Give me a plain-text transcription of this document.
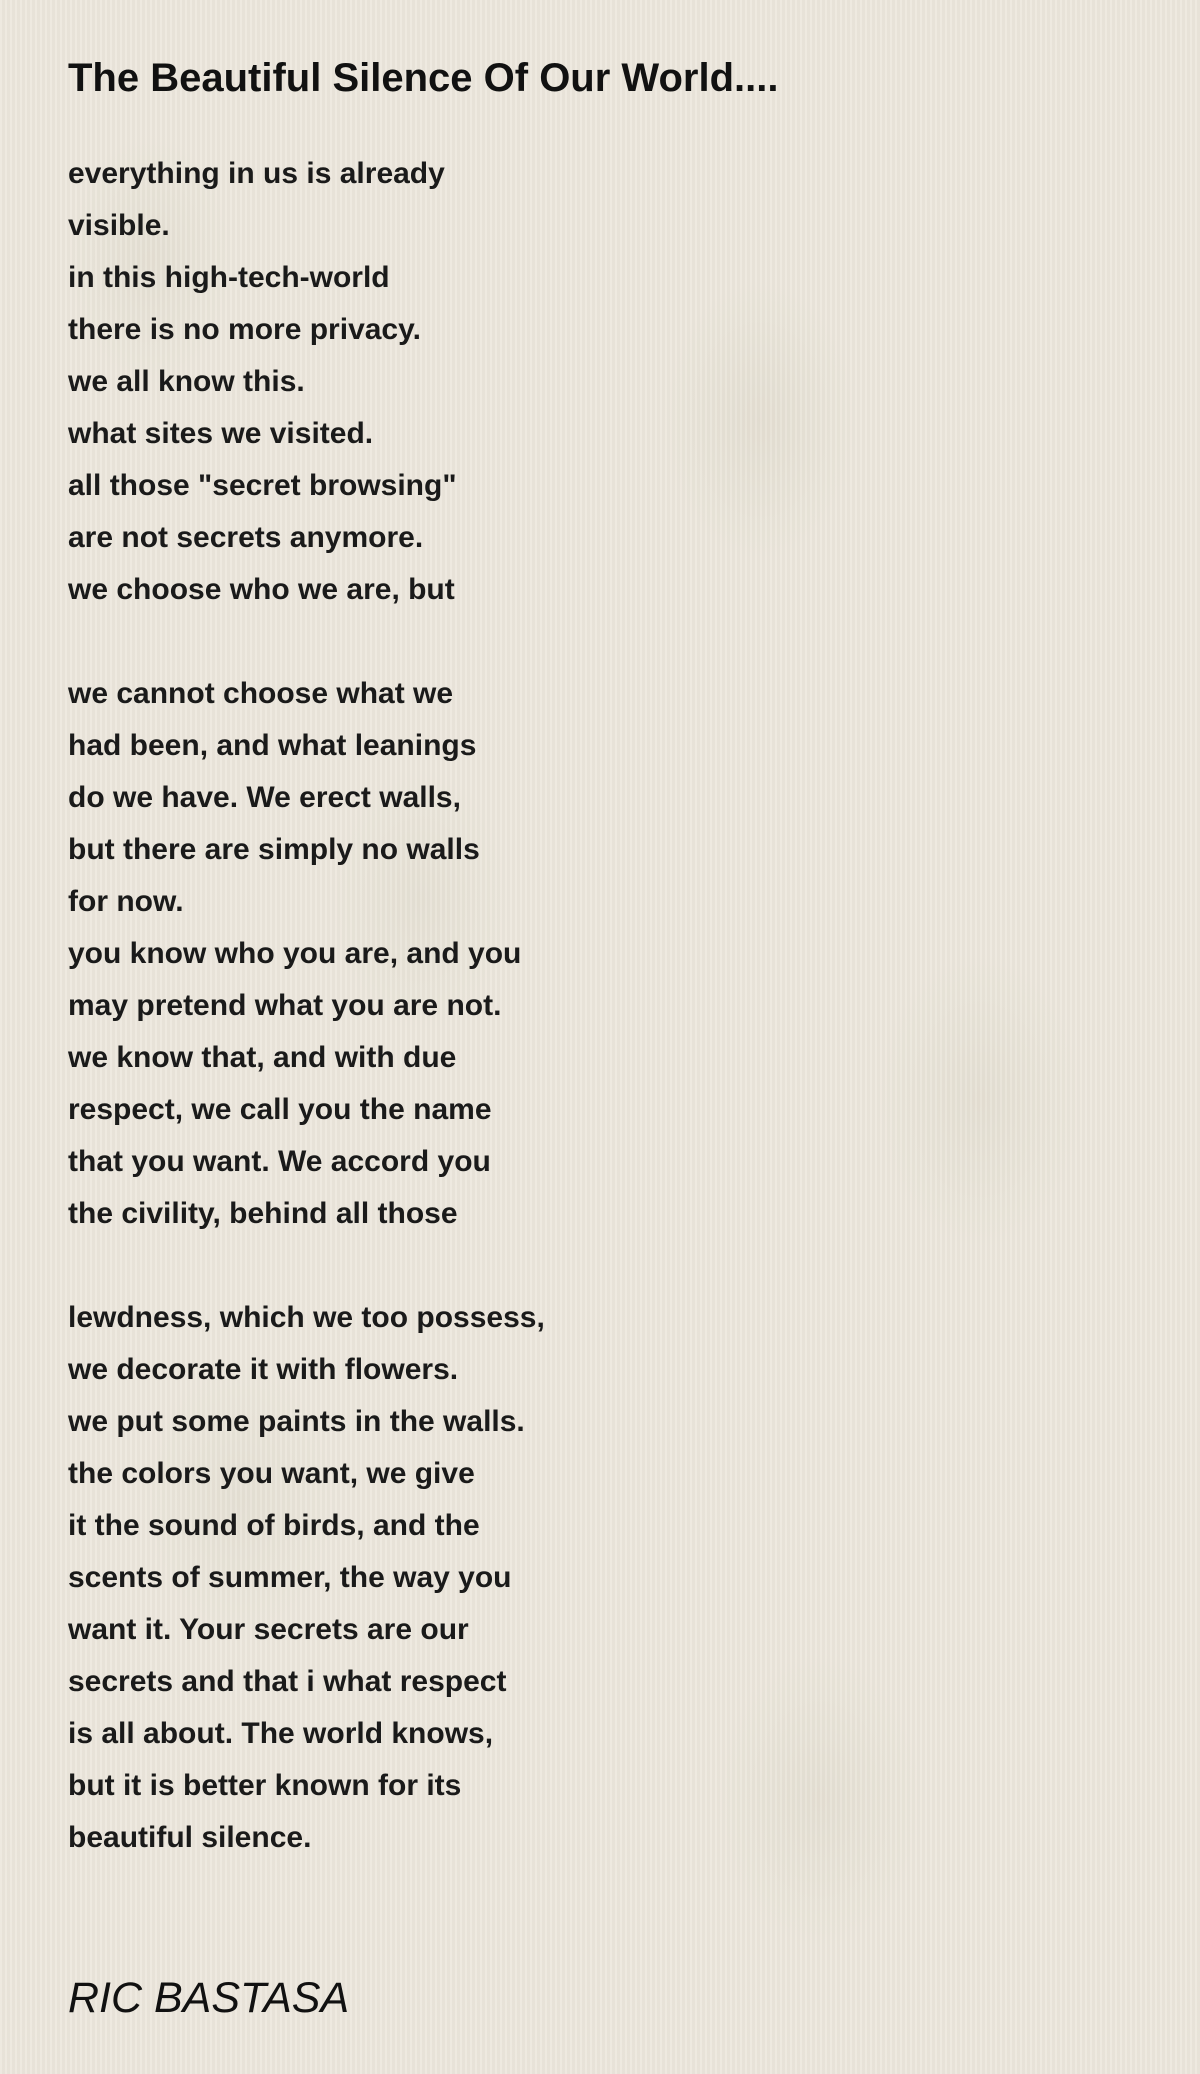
The Beautiful Silence Of Our World....
everything in us is already
visible.
in this high-tech-world
there is no more privacy.
we all know this.
what sites we visited.
all those "secret browsing"
are not secrets anymore.
we choose who we are, but
we cannot choose what we
had been, and what leanings
do we have. We erect walls,
but there are simply no walls
for now.
you know who you are, and you
may pretend what you are not.
we know that, and with due
respect, we call you the name
that you want. We accord you
the civility, behind all those
lewdness, which we too possess,
we decorate it with flowers.
we put some paints in the walls.
the colors you want, we give
it the sound of birds, and the
scents of summer, the way you
want it. Your secrets are our
secrets and that i what respect
is all about. The world knows,
but it is better known for its
beautiful silence.
RIC BASTASA
